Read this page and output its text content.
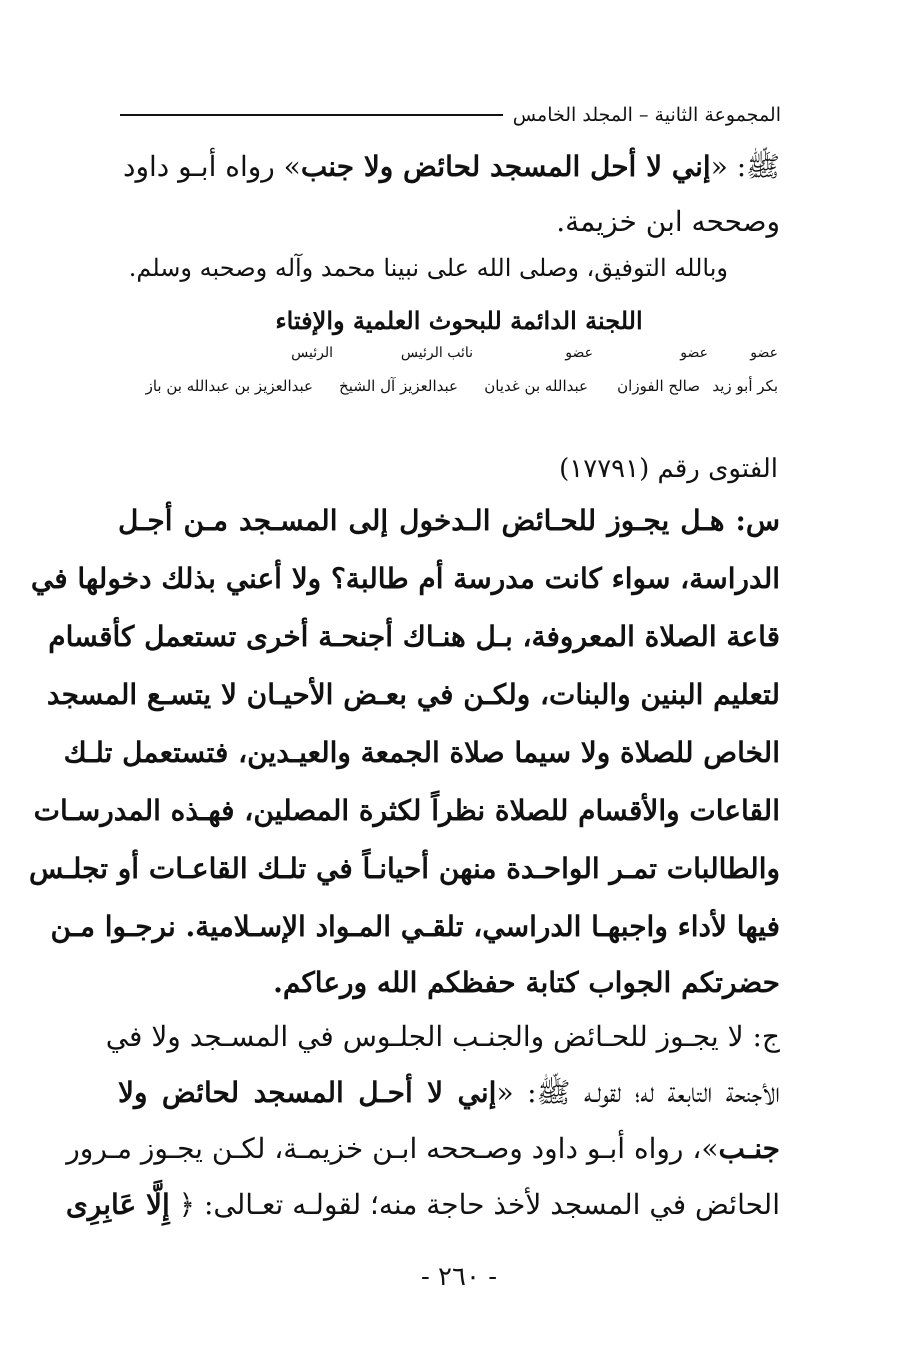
المجموعة الثانية – المجلد الخامس
ﷺ: «إني لا أحل المسجد لحائض ولا جنب» رواه أبـو داود
وصححه ابن خزيمة.
وبالله التوفيق، وصلى الله على نبينا محمد وآله وصحبه وسلم.
اللجنة الدائمة للبحوث العلمية والإفتاء
عضو
عضو
عضو
نائب الرئيس
الرئيس
بكر أبو زيد
صالح الفوزان
عبدالله بن غديان
عبدالعزيز آل الشيخ
عبدالعزيز بن عبدالله بن باز
الفتوى رقم (١٧٧٩١)
س: هـل يجـوز للحـائض الـدخول إلى المسـجد مـن أجـل
الدراسة، سواء كانت مدرسة أم طالبة؟ ولا أعني بذلك دخولها في
قاعة الصلاة المعروفة، بـل هنـاك أجنحـة أخرى تستعمل كأقسام
لتعليم البنين والبنات، ولكـن في بعـض الأحيـان لا يتسـع المسجد
الخاص للصلاة ولا سيما صلاة الجمعة والعيـدين، فتستعمل تلـك
القاعات والأقسام للصلاة نظراً لكثرة المصلين، فهـذه المدرسـات
والطالبات تمـر الواحـدة منهن أحيانـاً في تلـك القاعـات أو تجلـس
فيها لأداء واجبهـا الدراسي، تلقـي المـواد الإسـلامية. نرجـوا مـن
حضرتكم الجواب كتابة حفظكم الله ورعاكم.
ج: لا يجـوز للحـائض والجنـب الجلـوس في المسـجد ولا في
الأجنحة التابعة له؛ لقولـه ﷺ: «إني لا أحـل المسجد لحائض ولا
جنـب»، رواه أبـو داود وصـححه ابـن خزيمـة، لكـن يجـوز مـرور
الحائض في المسجد لأخذ حاجة منه؛ لقولـه تعـالى: ﴿ إِلَّا عَابِرِى
- ٢٦٠ -
